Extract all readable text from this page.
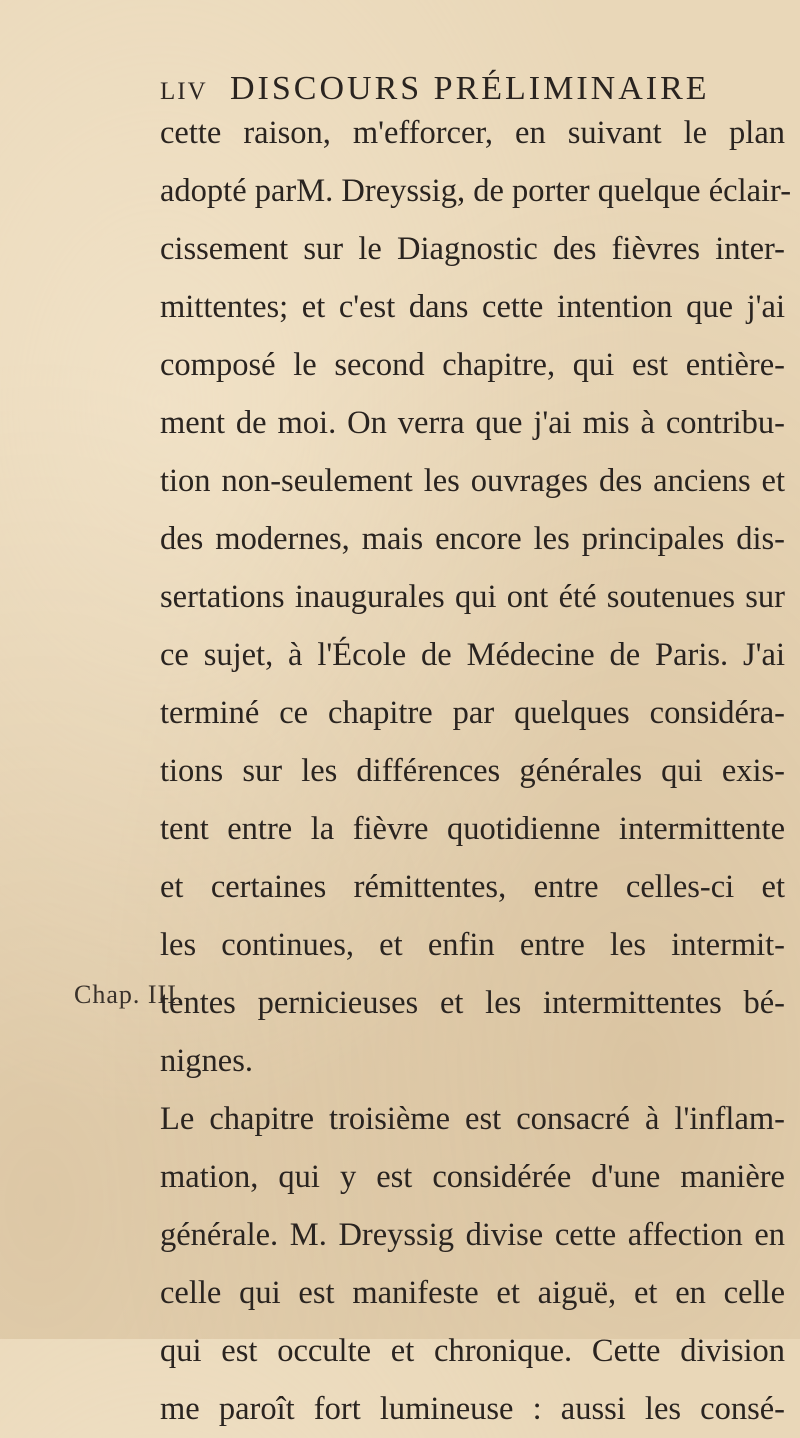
LIV DISCOURS PRÉLIMINAIRE
Chap. III.
cette raison, m'efforcer, en suivant le plan
adopté parM. Dreyssig, de porter quelque éclair-
cissement sur le Diagnostic des fièvres inter-
mittentes; et c'est dans cette intention que j'ai
composé le second chapitre, qui est entière-
ment de moi. On verra que j'ai mis à contribu-
tion non-seulement les ouvrages des anciens et
des modernes, mais encore les principales dis-
sertations inaugurales qui ont été soutenues sur
ce sujet, à l'École de Médecine de Paris. J'ai
terminé ce chapitre par quelques considéra-
tions sur les différences générales qui exis-
tent entre la fièvre quotidienne intermittente
et certaines rémittentes, entre celles-ci et
les continues, et enfin entre les intermit-
tentes pernicieuses et les intermittentes bé-
nignes.
Le chapitre troisième est consacré à l'inflam-
mation, qui y est considérée d'une manière
générale. M. Dreyssig divise cette affection en
celle qui est manifeste et aiguë, et en celle
qui est occulte et chronique. Cette division
me paroît fort lumineuse : aussi les consé-
